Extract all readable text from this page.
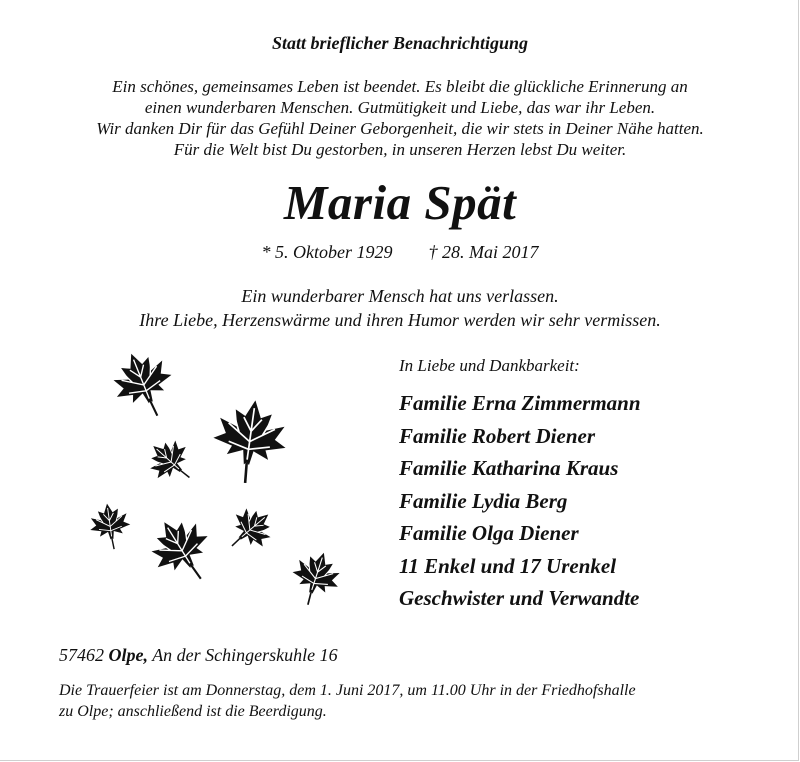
Statt brieflicher Benachrichtigung
Ein schönes, gemeinsames Leben ist beendet. Es bleibt die glückliche Erinnerung an
einen wunderbaren Menschen. Gutmütigkeit und Liebe, das war ihr Leben.
Wir danken Dir für das Gefühl Deiner Geborgenheit, die wir stets in Deiner Nähe hatten.
Für die Welt bist Du gestorben, in unseren Herzen lebst Du weiter.
Maria Spät
* 5. Oktober 1929 † 28. Mai 2017
Ein wunderbarer Mensch hat uns verlassen.
Ihre Liebe, Herzenswärme und ihren Humor werden wir sehr vermissen.
In Liebe und Dankbarkeit:
Familie Erna Zimmermann
Familie Robert Diener
Familie Katharina Kraus
Familie Lydia Berg
Familie Olga Diener
11 Enkel und 17 Urenkel
Geschwister und Verwandte
57462 Olpe, An der Schingerskuhle 16
Die Trauerfeier ist am Donnerstag, dem 1. Juni 2017, um 11.00 Uhr in der Friedhofshalle
zu Olpe; anschließend ist die Beerdigung.
